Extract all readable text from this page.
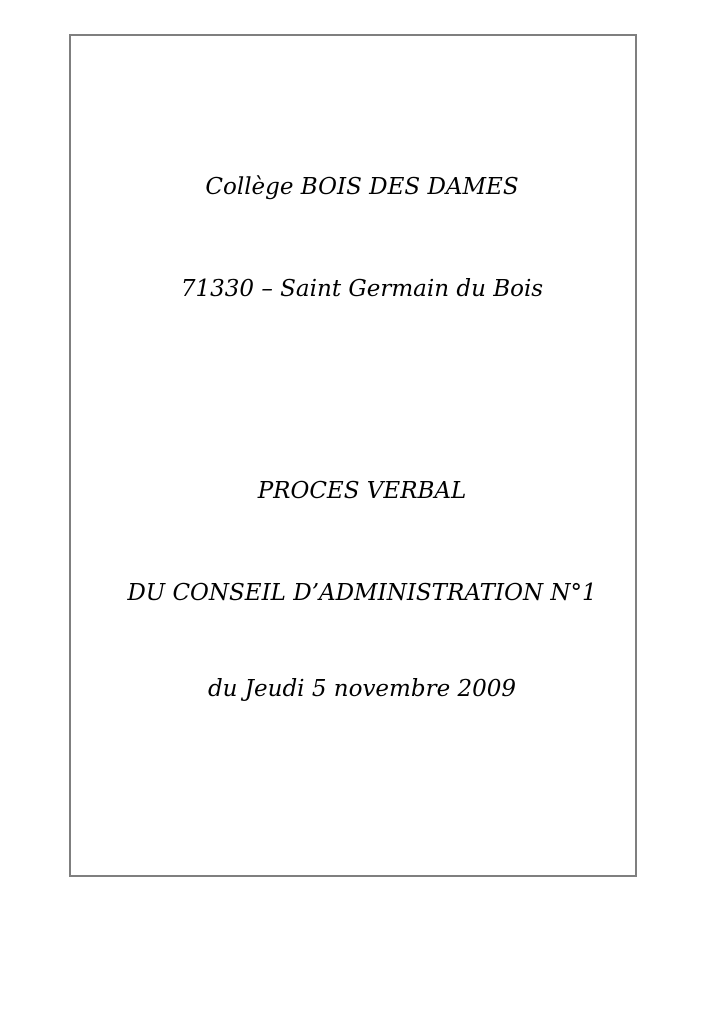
Collège BOIS DES DAMES
71330 – Saint Germain du Bois
PROCES VERBAL
DU CONSEIL D’ADMINISTRATION N°1
du Jeudi 5 novembre 2009
